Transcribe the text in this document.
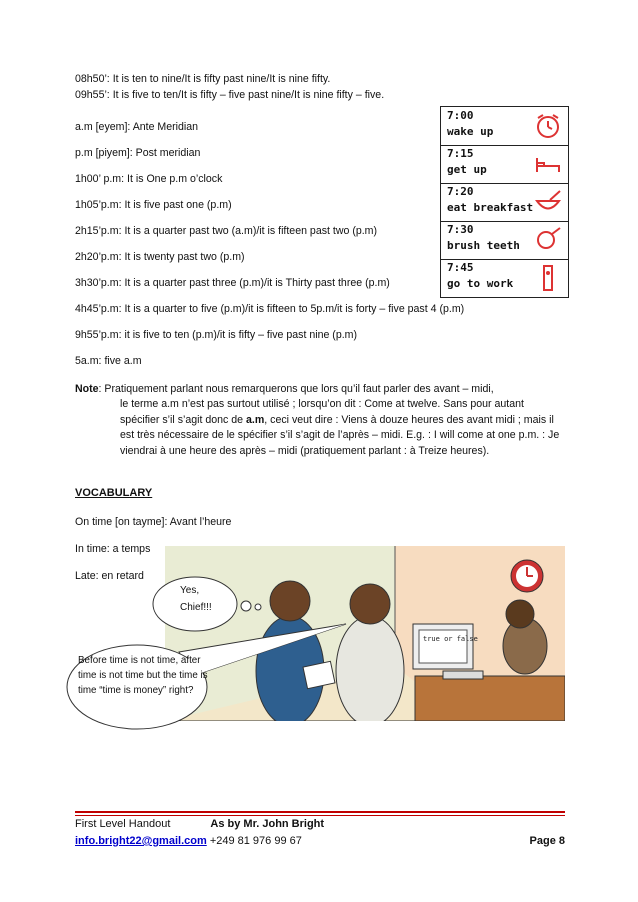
08h50’: It is ten to nine/It is fifty past nine/It is nine fifty.
09h55’: It is five to ten/It is fifty – five past nine/It is nine fifty – five.
a.m [eyem]: Ante Meridian
p.m [piyem]: Post meridian
1h00’ p.m: It is One p.m o’clock
1h05’p.m: It is five past one (p.m)
2h15’p.m: It is a quarter past two (a.m)/it is fifteen past two (p.m)
2h20’p.m: It is twenty past two (p.m)
3h30’p.m: It is a quarter past three (p.m)/it is Thirty past three (p.m)
4h45’p.m: It is a quarter to five (p.m)/it is fifteen to 5p.m/it is forty – five past 4 (p.m)
9h55’p.m: it is five to ten (p.m)/it is fifty – five past nine (p.m)
5a.m: five a.m
7:00
wake up
7:15
get up
7:20
eat breakfast
7:30
brush teeth
7:45
go to work
Note: Pratiquement parlant nous remarquerons que lors qu’il faut parler des avant – midi,
le terme a.m n’est pas surtout utilisé ; lorsqu’on dit : Come at twelve. Sans pour autant spécifier s’il s’agit donc de a.m, ceci veut dire : Viens à douze heures des avant midi ; mais il est très nécessaire de le spécifier s’il s’agit de l’après – midi. E.g. : I will come at one p.m. : Je viendrai à une heure des après – midi (pratiquement parlant : à Treize heures).
VOCABULARY
On time [on tayme]: Avant l’heure
In time: a temps
Late: en retard
true or false
Yes,
Chief!!!
Before time is not time, after time is not time but the time is time “time is money” right?
First Level Handout	As by Mr. John Bright
info.bright22@gmail.com +249 81 976 99 67	Page 8
